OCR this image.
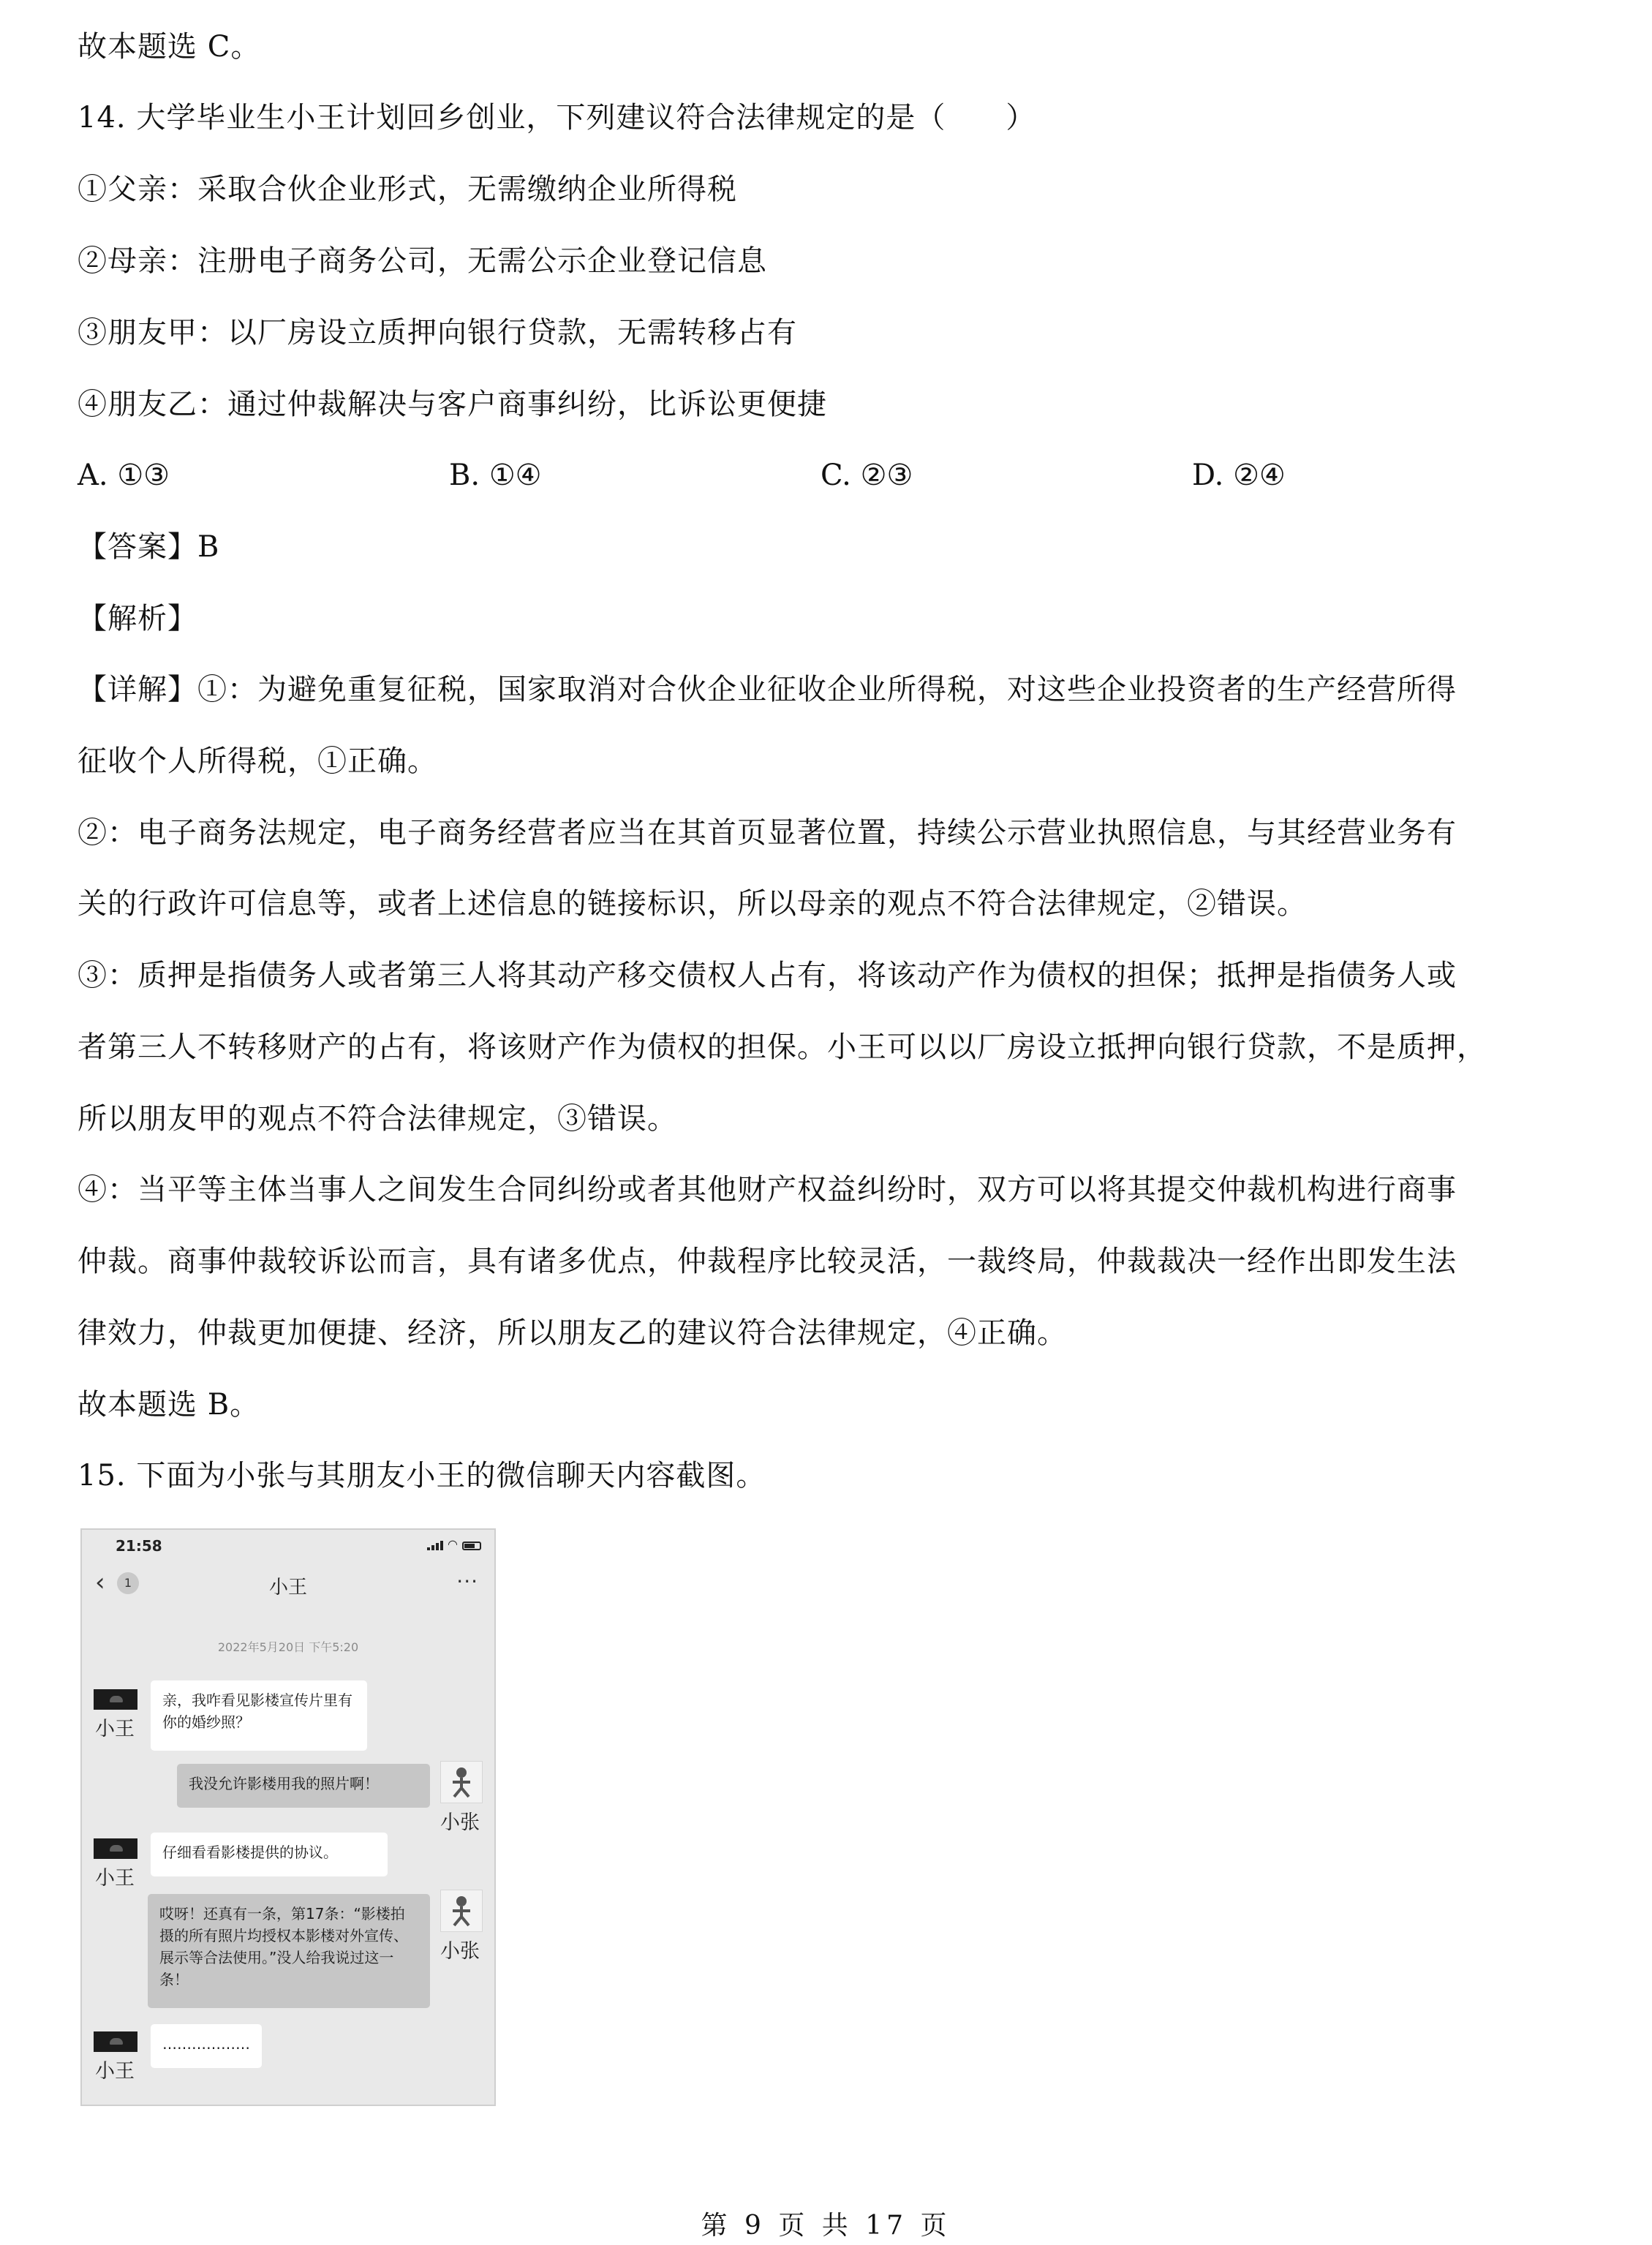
故本题选 C。
14. 大学毕业生小王计划回乡创业，下列建议符合法律规定的是（　　）
①父亲：采取合伙企业形式，无需缴纳企业所得税
②母亲：注册电子商务公司，无需公示企业登记信息
③朋友甲：以厂房设立质押向银行贷款，无需转移占有
④朋友乙：通过仲裁解决与客户商事纠纷，比诉讼更便捷
A. ①③	B. ①④	C. ②③	D. ②④
【答案】B
【解析】
【详解】①：为避免重复征税，国家取消对合伙企业征收企业所得税，对这些企业投资者的生产经营所得
征收个人所得税，①正确。
②：电子商务法规定，电子商务经营者应当在其首页显著位置，持续公示营业执照信息，与其经营业务有
关的行政许可信息等，或者上述信息的链接标识，所以母亲的观点不符合法律规定，②错误。
③：质押是指债务人或者第三人将其动产移交债权人占有，将该动产作为债权的担保；抵押是指债务人或
者第三人不转移财产的占有，将该财产作为债权的担保。小王可以以厂房设立抵押向银行贷款，不是质押，
所以朋友甲的观点不符合法律规定，③错误。
④：当平等主体当事人之间发生合同纠纷或者其他财产权益纠纷时，双方可以将其提交仲裁机构进行商事
仲裁。商事仲裁较诉讼而言，具有诸多优点，仲裁程序比较灵活，一裁终局，仲裁裁决一经作出即发生法
律效力，仲裁更加便捷、经济，所以朋友乙的建议符合法律规定，④正确。
故本题选 B。
15. 下面为小张与其朋友小王的微信聊天内容截图。
21:58	◠
‹	1	小王	···
2022年5月20日 下午5:20
小王
亲，我咋看见影楼宣传片里有你的婚纱照？
我没允许影楼用我的照片啊！
小张
小王
仔细看看影楼提供的协议。
哎呀！还真有一条，第17条：“影楼拍摄的所有照片均授权本影楼对外宣传、展示等合法使用。”没人给我说过这一条！
小张
小王
………………
第 9 页 共 17 页
